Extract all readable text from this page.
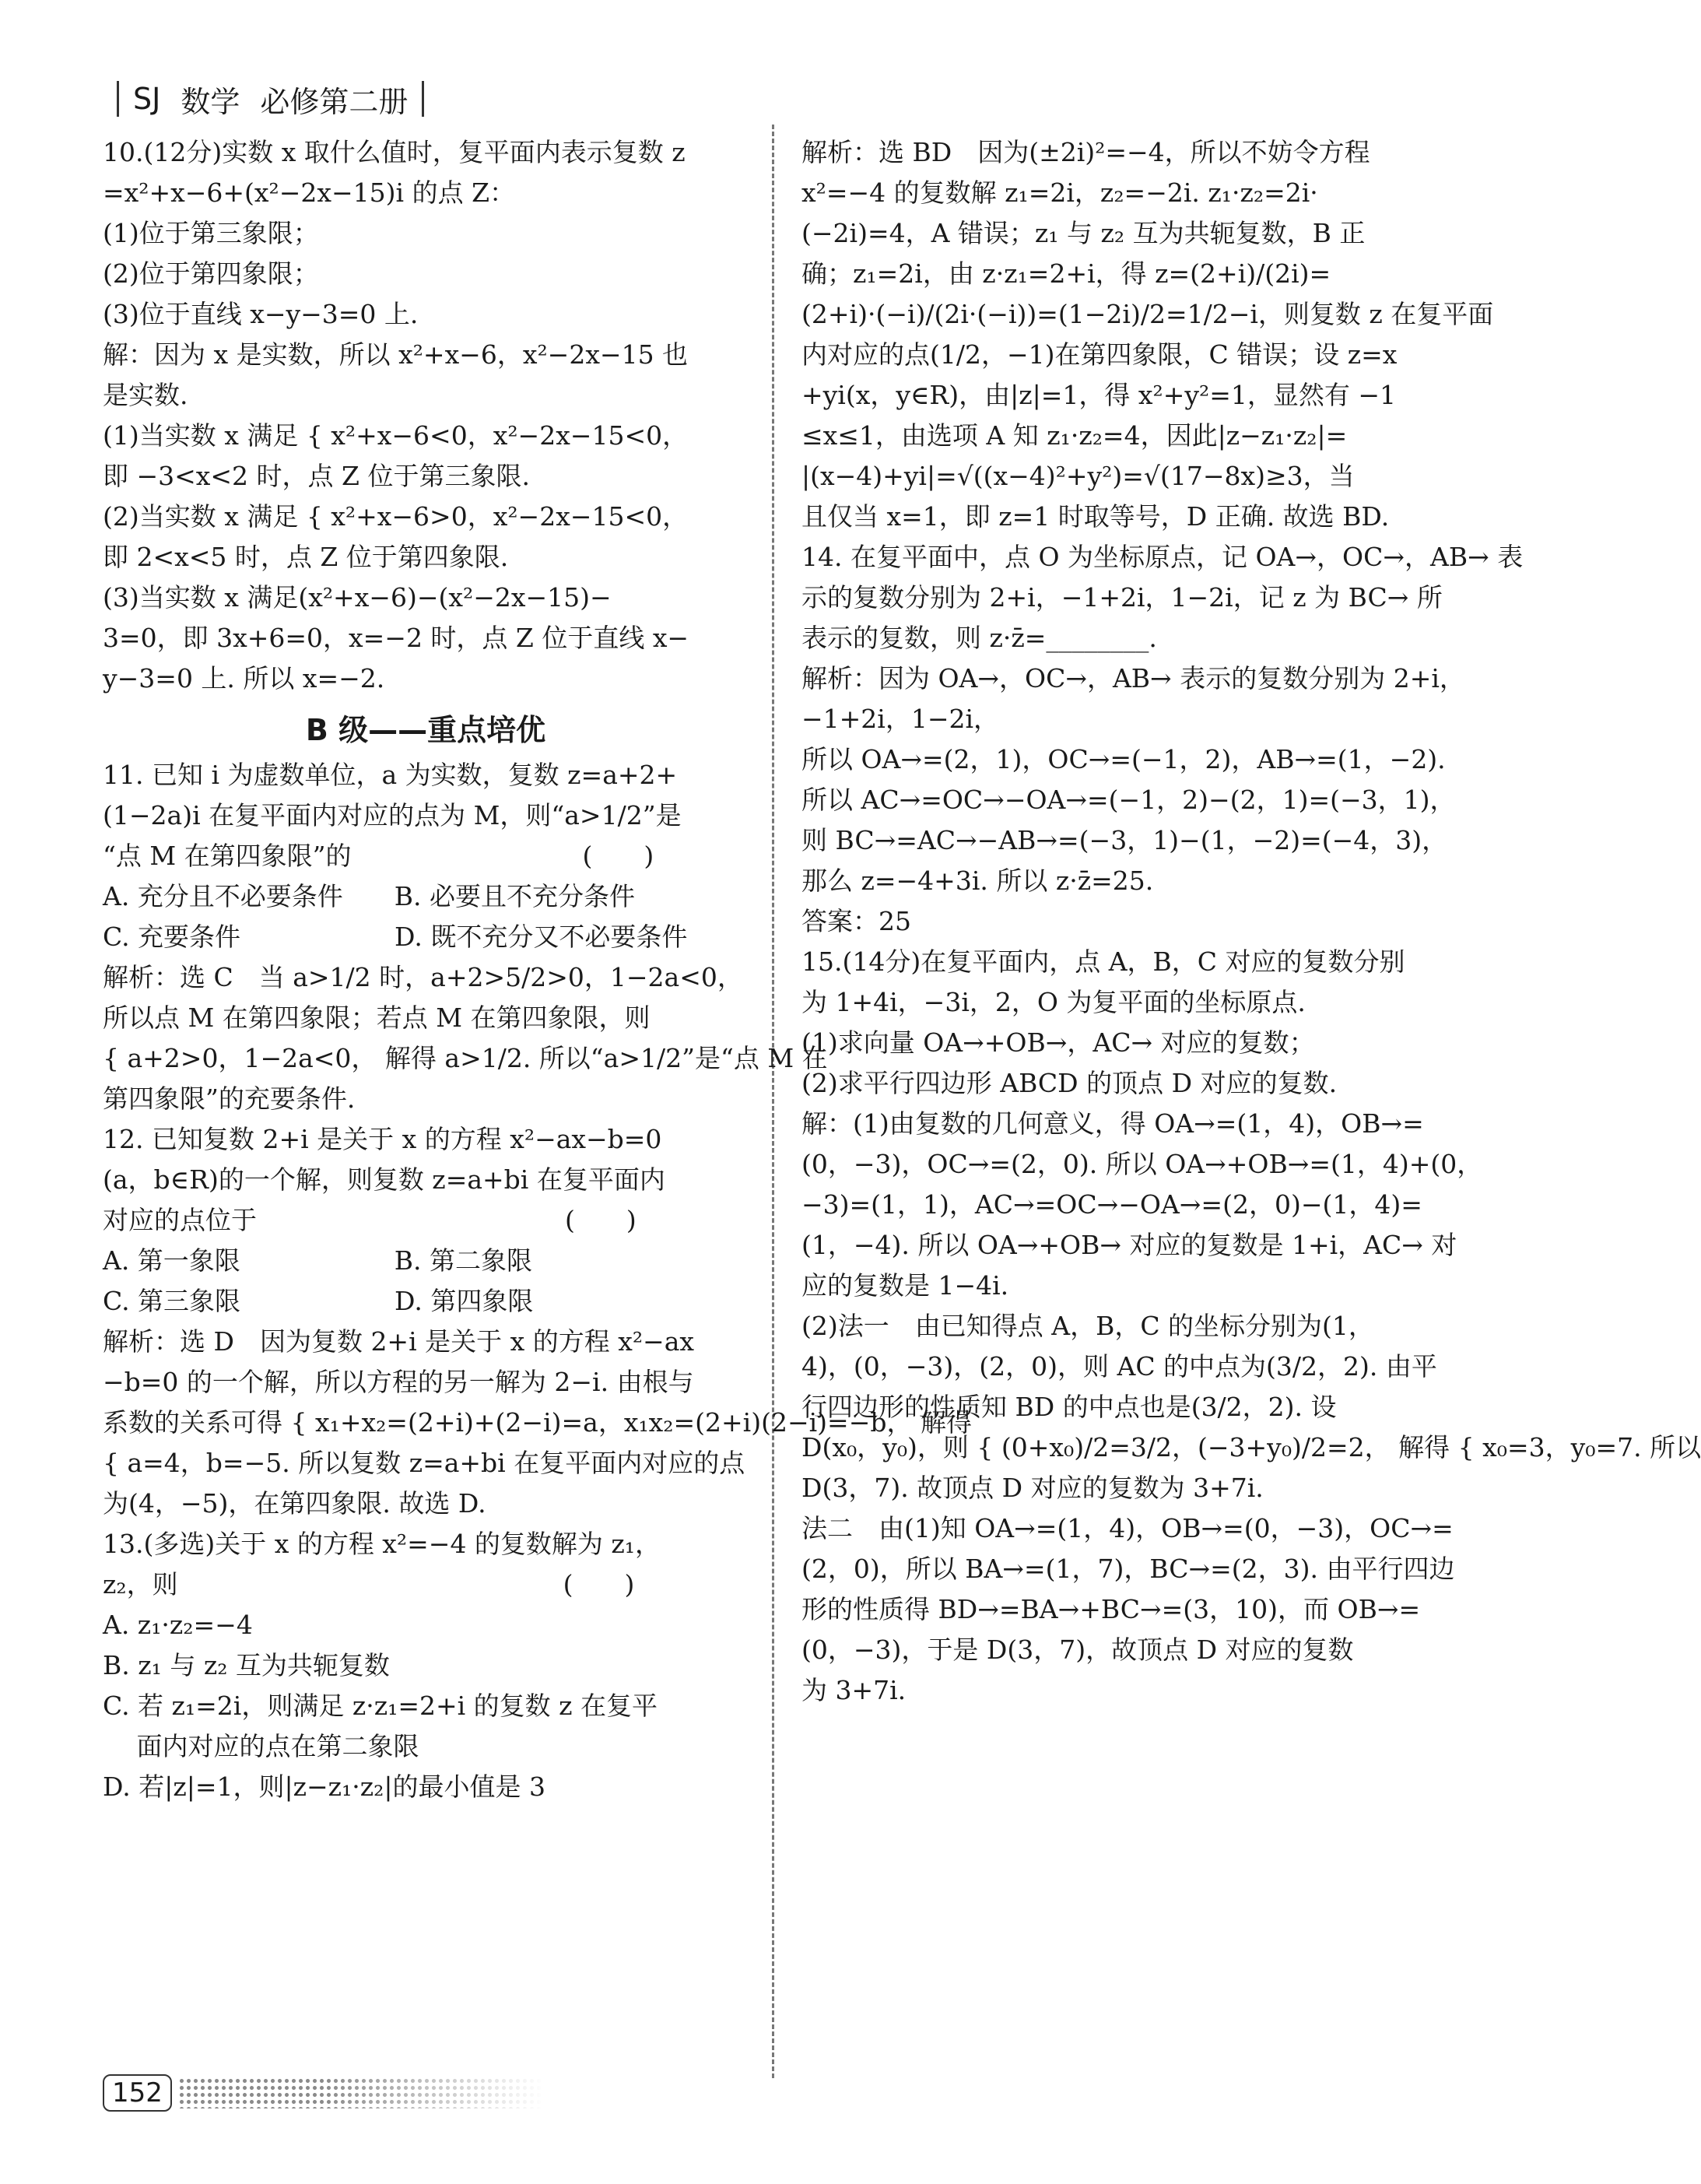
SJ 数学 必修第二册
10.(12分)实数 x 取什么值时，复平面内表示复数 z
=x²+x−6+(x²−2x−15)i 的点 Z：
(1)位于第三象限；
(2)位于第四象限；
(3)位于直线 x−y−3=0 上.
解：因为 x 是实数，所以 x²+x−6，x²−2x−15 也
是实数.
(1)当实数 x 满足 { x²+x−6<0，x²−2x−15<0，
即 −3<x<2 时，点 Z 位于第三象限.
(2)当实数 x 满足 { x²+x−6>0，x²−2x−15<0，
即 2<x<5 时，点 Z 位于第四象限.
(3)当实数 x 满足(x²+x−6)−(x²−2x−15)−
3=0，即 3x+6=0，x=−2 时，点 Z 位于直线 x−
y−3=0 上. 所以 x=−2.
B 级——重点培优
11. 已知 i 为虚数单位，a 为实数，复数 z=a+2+
(1−2a)i 在复平面内对应的点为 M，则“a>1/2”是
“点 M 在第四象限”的　　　　　　　　　(　　)
A. 充分且不必要条件　　B. 必要且不充分条件
C. 充要条件　　　　　　D. 既不充分又不必要条件
解析：选 C　当 a>1/2 时，a+2>5/2>0，1−2a<0，
所以点 M 在第四象限；若点 M 在第四象限，则
{ a+2>0，1−2a<0， 解得 a>1/2. 所以“a>1/2”是“点 M 在
第四象限”的充要条件.
12. 已知复数 2+i 是关于 x 的方程 x²−ax−b=0
(a，b∈R)的一个解，则复数 z=a+bi 在复平面内
对应的点位于　　　　　　　　　　　　(　　)
A. 第一象限　　　　　　B. 第二象限
C. 第三象限　　　　　　D. 第四象限
解析：选 D　因为复数 2+i 是关于 x 的方程 x²−ax
−b=0 的一个解，所以方程的另一解为 2−i. 由根与
系数的关系可得 { x₁+x₂=(2+i)+(2−i)=a，x₁x₂=(2+i)(2−i)=−b， 解得
{ a=4，b=−5. 所以复数 z=a+bi 在复平面内对应的点
为(4，−5)，在第四象限. 故选 D.
13.(多选)关于 x 的方程 x²=−4 的复数解为 z₁，
z₂，则　　　　　　　　　　　　　　　(　　)
A. z₁·z₂=−4
B. z₁ 与 z₂ 互为共轭复数
C. 若 z₁=2i，则满足 z·z₁=2+i 的复数 z 在复平
　 面内对应的点在第二象限
D. 若|z|=1，则|z−z₁·z₂|的最小值是 3
解析：选 BD　因为(±2i)²=−4，所以不妨令方程
x²=−4 的复数解 z₁=2i，z₂=−2i. z₁·z₂=2i·
(−2i)=4，A 错误；z₁ 与 z₂ 互为共轭复数，B 正
确；z₁=2i，由 z·z₁=2+i，得 z=(2+i)/(2i)=
(2+i)·(−i)/(2i·(−i))=(1−2i)/2=1/2−i，则复数 z 在复平面
内对应的点(1/2，−1)在第四象限，C 错误；设 z=x
+yi(x，y∈R)，由|z|=1，得 x²+y²=1，显然有 −1
≤x≤1，由选项 A 知 z₁·z₂=4，因此|z−z₁·z₂|=
|(x−4)+yi|=√((x−4)²+y²)=√(17−8x)≥3，当
且仅当 x=1，即 z=1 时取等号，D 正确. 故选 BD.
14. 在复平面中，点 O 为坐标原点，记 OA→，OC→，AB→ 表
示的复数分别为 2+i，−1+2i，1−2i，记 z 为 BC→ 所
表示的复数，则 z·z̄=________.
解析：因为 OA→，OC→，AB→ 表示的复数分别为 2+i，
−1+2i，1−2i，
所以 OA→=(2，1)，OC→=(−1，2)，AB→=(1，−2).
所以 AC→=OC→−OA→=(−1，2)−(2，1)=(−3，1)，
则 BC→=AC→−AB→=(−3，1)−(1，−2)=(−4，3)，
那么 z=−4+3i. 所以 z·z̄=25.
答案：25
15.(14分)在复平面内，点 A，B，C 对应的复数分别
为 1+4i，−3i，2，O 为复平面的坐标原点.
(1)求向量 OA→+OB→，AC→ 对应的复数；
(2)求平行四边形 ABCD 的顶点 D 对应的复数.
解：(1)由复数的几何意义，得 OA→=(1，4)，OB→=
(0，−3)，OC→=(2，0). 所以 OA→+OB→=(1，4)+(0，
−3)=(1，1)，AC→=OC→−OA→=(2，0)−(1，4)=
(1，−4). 所以 OA→+OB→ 对应的复数是 1+i，AC→ 对
应的复数是 1−4i.
(2)法一　由已知得点 A，B，C 的坐标分别为(1，
4)，(0，−3)，(2，0)，则 AC 的中点为(3/2，2). 由平
行四边形的性质知 BD 的中点也是(3/2，2). 设
D(x₀，y₀)，则 { (0+x₀)/2=3/2，(−3+y₀)/2=2， 解得 { x₀=3，y₀=7. 所以
D(3，7). 故顶点 D 对应的复数为 3+7i.
法二　由(1)知 OA→=(1，4)，OB→=(0，−3)，OC→=
(2，0)，所以 BA→=(1，7)，BC→=(2，3). 由平行四边
形的性质得 BD→=BA→+BC→=(3，10)，而 OB→=
(0，−3)，于是 D(3，7)，故顶点 D 对应的复数
为 3+7i.
152
